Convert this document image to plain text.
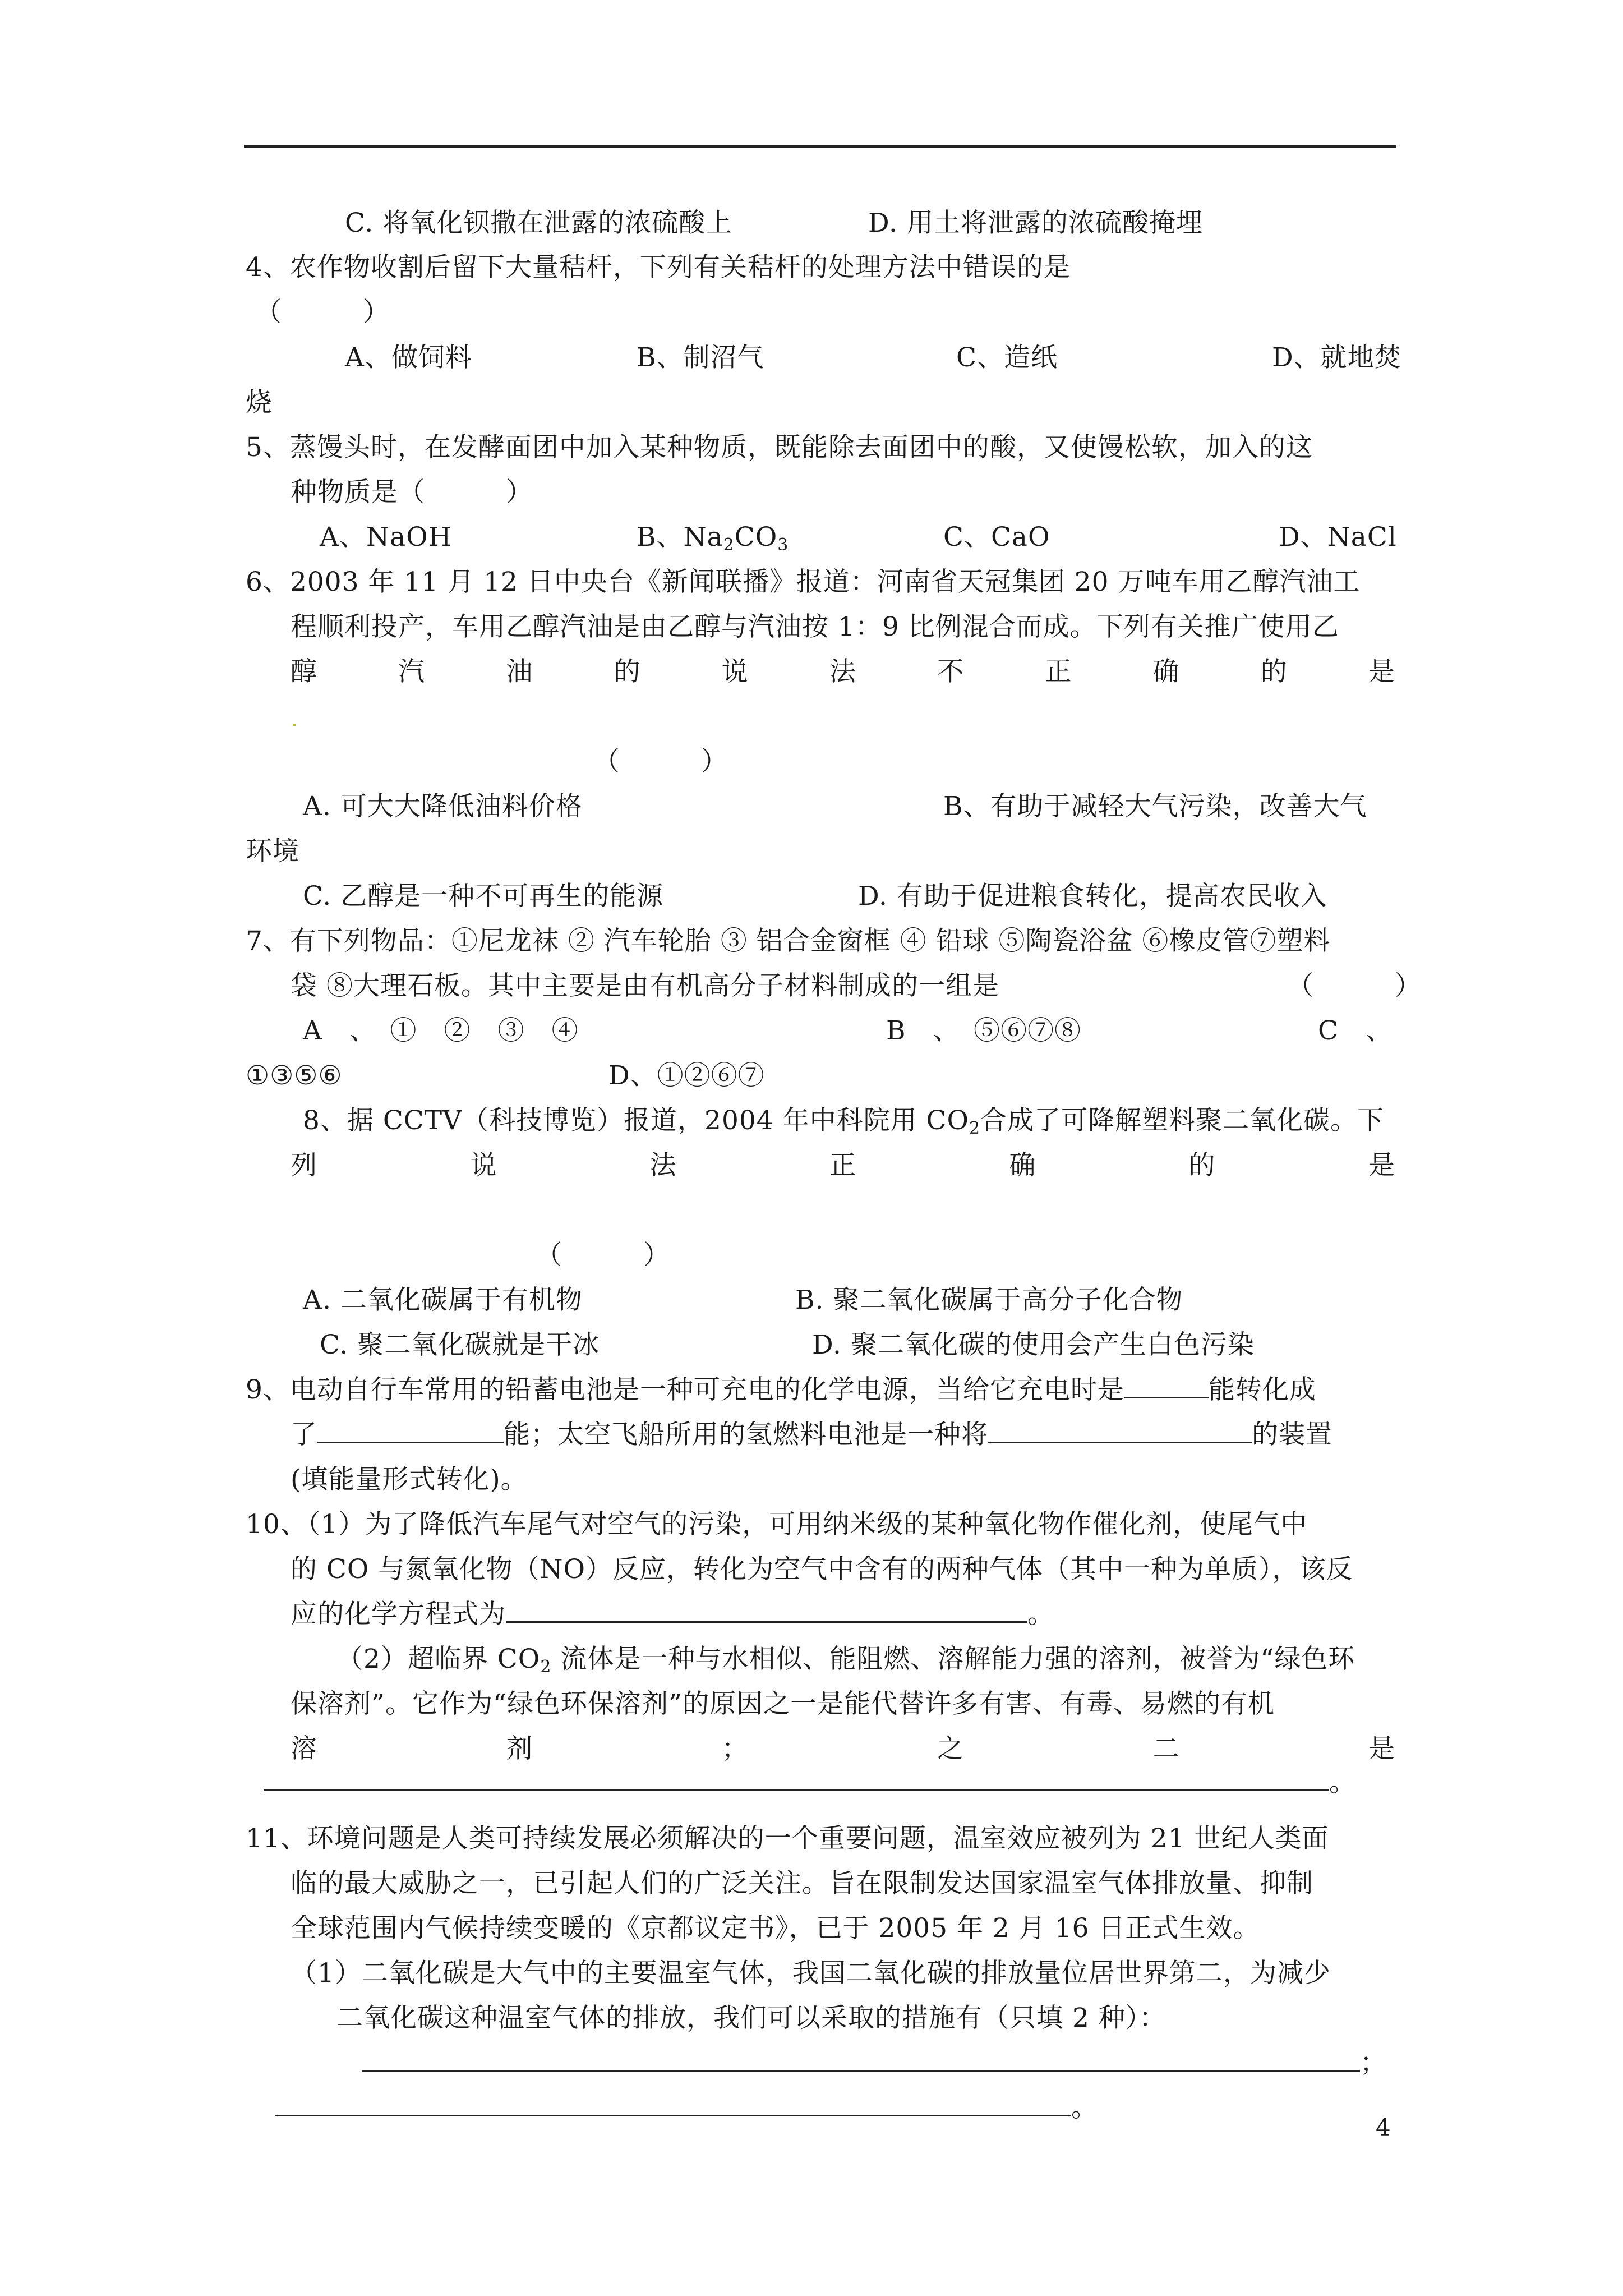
C. 将氧化钡撒在泄露的浓硫酸上	D. 用土将泄露的浓硫酸掩埋
4、农作物收割后留下大量秸杆，下列有关秸杆的处理方法中错误的是
（　　　）
A、做饲料	B、制沼气	C、造纸	D、就地焚
烧
5、蒸馒头时，在发酵面团中加入某种物质，既能除去面团中的酸，又使馒松软，加入的这
种物质是（　　　）
A、NaOH	B、$Na_2CO_3$	C、CaO	D、NaCl
6、2003 年 11 月 12 日中央台《新闻联播》报道：河南省天冠集团 20 万吨车用乙醇汽油工
程顺利投产，车用乙醇汽油是由乙醇与汽油按 1：9 比例混合而成。下列有关推广使用乙
醇	汽	油	的	说	法	不	正	确	的	是
（　　　）
A. 可大大降低油料价格	B、有助于减轻大气污染，改善大气
环境
C. 乙醇是一种不可再生的能源	D. 有助于促进粮食转化，提高农民收入
7、有下列物品：①尼龙袜 ② 汽车轮胎 ③ 铝合金窗框 ④ 铅球 ⑤陶瓷浴盆 ⑥橡皮管⑦塑料
袋 ⑧大理石板。其中主要是由有机高分子材料制成的一组是	（　　　）
A　、　①　②　③　④	B　、　⑤⑥⑦⑧	C　、
①③⑤⑥	D、①②⑥⑦
8、据 CCTV（科技博览）报道，2004 年中科院用 $CO_2$合成了可降解塑料聚二氧化碳。下
列	说	法	正	确	的	是
（　　　）
A. 二氧化碳属于有机物	B. 聚二氧化碳属于高分子化合物
C. 聚二氧化碳就是干冰	D. 聚二氧化碳的使用会产生白色污染
9、电动自行车常用的铅蓄电池是一种可充电的化学电源，当给它充电时是	能转化成
了	能；太空飞船所用的氢燃料电池是一种将	的装置
(填能量形式转化)。
10、（1）为了降低汽车尾气对空气的污染，可用纳米级的某种氧化物作催化剂，使尾气中
的 CO 与氮氧化物（NO）反应，转化为空气中含有的两种气体（其中一种为单质），该反
应的化学方程式为	。
（2）超临界 $CO_2$ 流体是一种与水相似、能阻燃、溶解能力强的溶剂，被誉为“绿色环
保溶剂”。它作为“绿色环保溶剂”的原因之一是能代替许多有害、有毒、易燃的有机
溶	剂	；	之	二	是
。
11、环境问题是人类可持续发展必须解决的一个重要问题，温室效应被列为 21 世纪人类面
临的最大威胁之一，已引起人们的广泛关注。旨在限制发达国家温室气体排放量、抑制
全球范围内气候持续变暖的《京都议定书》，已于 2005 年 2 月 16 日正式生效。
（1）二氧化碳是大气中的主要温室气体，我国二氧化碳的排放量位居世界第二，为减少
二氧化碳这种温室气体的排放，我们可以采取的措施有（只填 2 种）：
；
。
4
